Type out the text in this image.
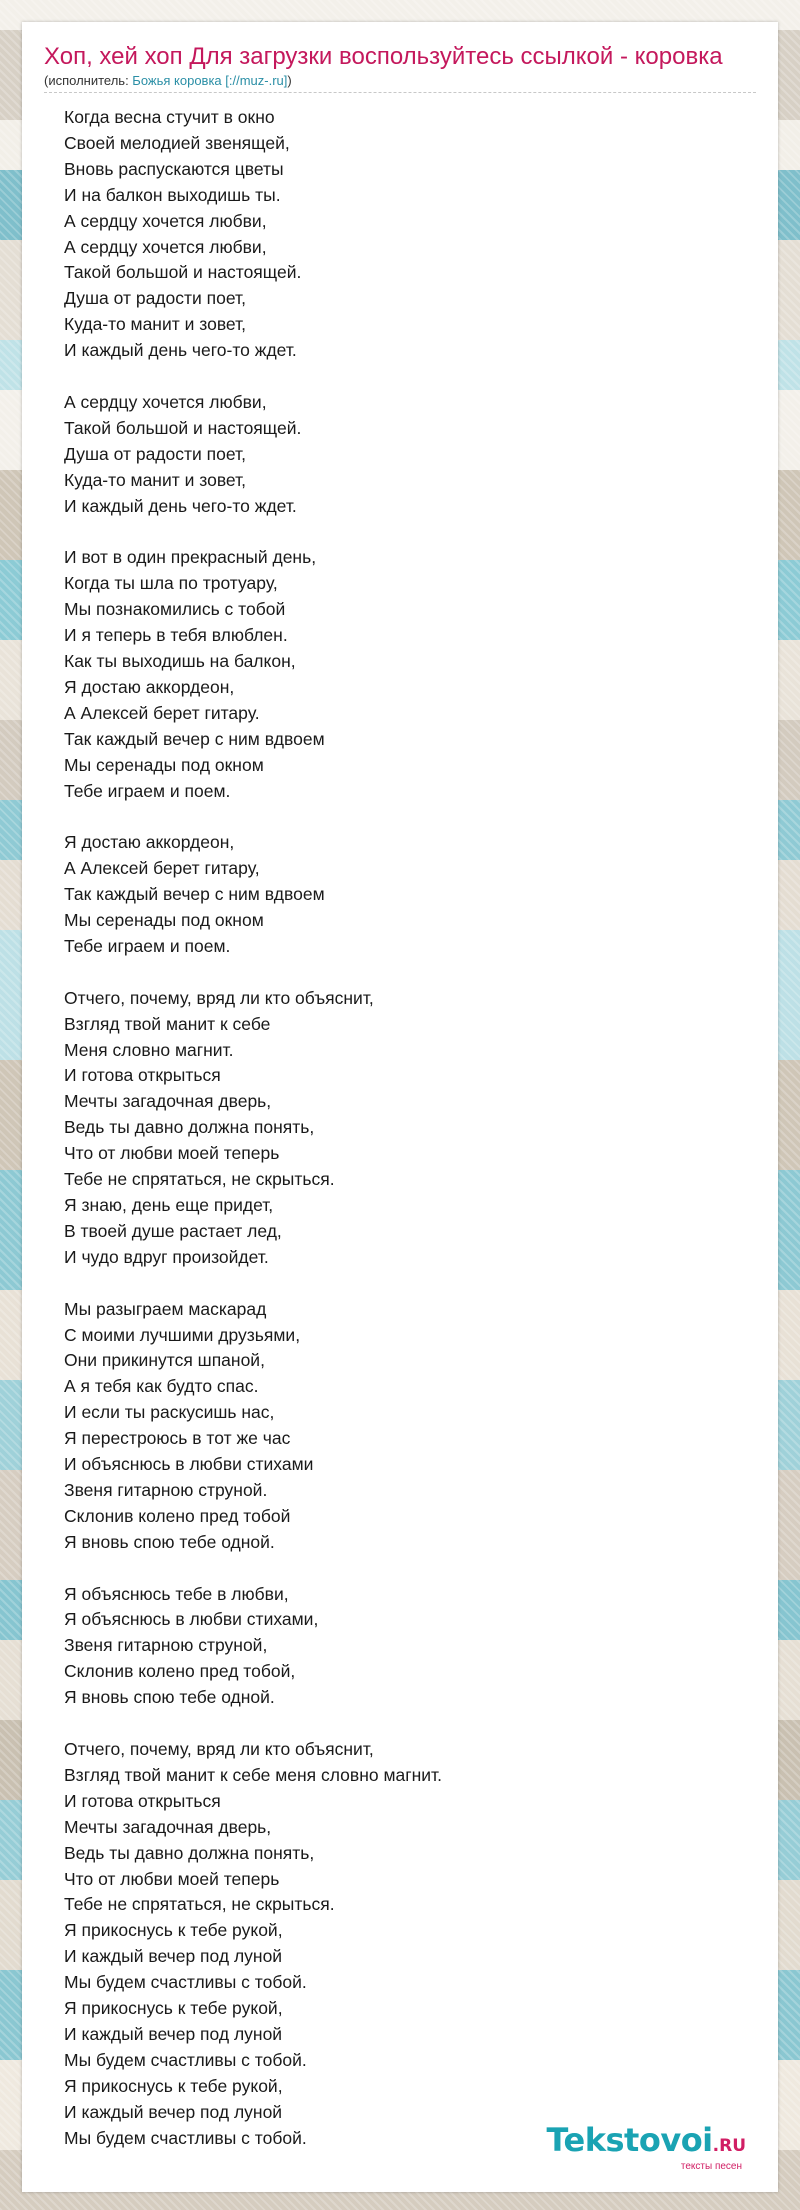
Хоп, хей хоп Для загрузки воспользуйтесь ссылкой - коровка
(исполнитель: Божья коровка [://muz-.ru])
Когда весна стучит в окно
Своей мелодией звенящей,
Вновь распускаются цветы
И на балкон выходишь ты.
А сердцу хочется любви,
А сердцу хочется любви,
Такой большой и настоящей.
Душа от радости поет,
Куда-то манит и зовет,
И каждый день чего-то ждет.
А сердцу хочется любви,
Такой большой и настоящей.
Душа от радости поет,
Куда-то манит и зовет,
И каждый день чего-то ждет.
И вот в один прекрасный день,
Когда ты шла по тротуару,
Мы познакомились с тобой
И я теперь в тебя влюблен.
Как ты выходишь на балкон,
Я достаю аккордеон,
А Алексей берет гитару.
Так каждый вечер с ним вдвоем
Мы серенады под окном
Тебе играем и поем.
Я достаю аккордеон,
А Алексей берет гитару,
Так каждый вечер с ним вдвоем
Мы серенады под окном
Тебе играем и поем.
Отчего, почему, вряд ли кто объяснит,
Взгляд твой манит к себе
Меня словно магнит.
И готова открыться
Мечты загадочная дверь,
Ведь ты давно должна понять,
Что от любви моей теперь
Тебе не спрятаться, не скрыться.
Я знаю, день еще придет,
В твоей душе растает лед,
И чудо вдруг произойдет.
Мы разыграем маскарад
С моими лучшими друзьями,
Они прикинутся шпаной,
А я тебя как будто спас.
И если ты раскусишь нас,
Я перестроюсь в тот же час
И объяснюсь в любви стихами
Звеня гитарною струной.
Склонив колено пред тобой
Я вновь спою тебе одной.
Я объяснюсь тебе в любви,
Я объяснюсь в любви стихами,
Звеня гитарною струной,
Склонив колено пред тобой,
Я вновь спою тебе одной.
Отчего, почему, вряд ли кто объяснит,
Взгляд твой манит к себе меня словно магнит.
И готова открыться
Мечты загадочная дверь,
Ведь ты давно должна понять,
Что от любви моей теперь
Тебе не спрятаться, не скрыться.
Я прикоснусь к тебе рукой,
И каждый вечер под луной
Мы будем счастливы с тобой.
Я прикоснусь к тебе рукой,
И каждый вечер под луной
Мы будем счастливы с тобой.
Я прикоснусь к тебе рукой,
И каждый вечер под луной
Мы будем счастливы с тобой.	Tekstovoi.RU
тексты песен
